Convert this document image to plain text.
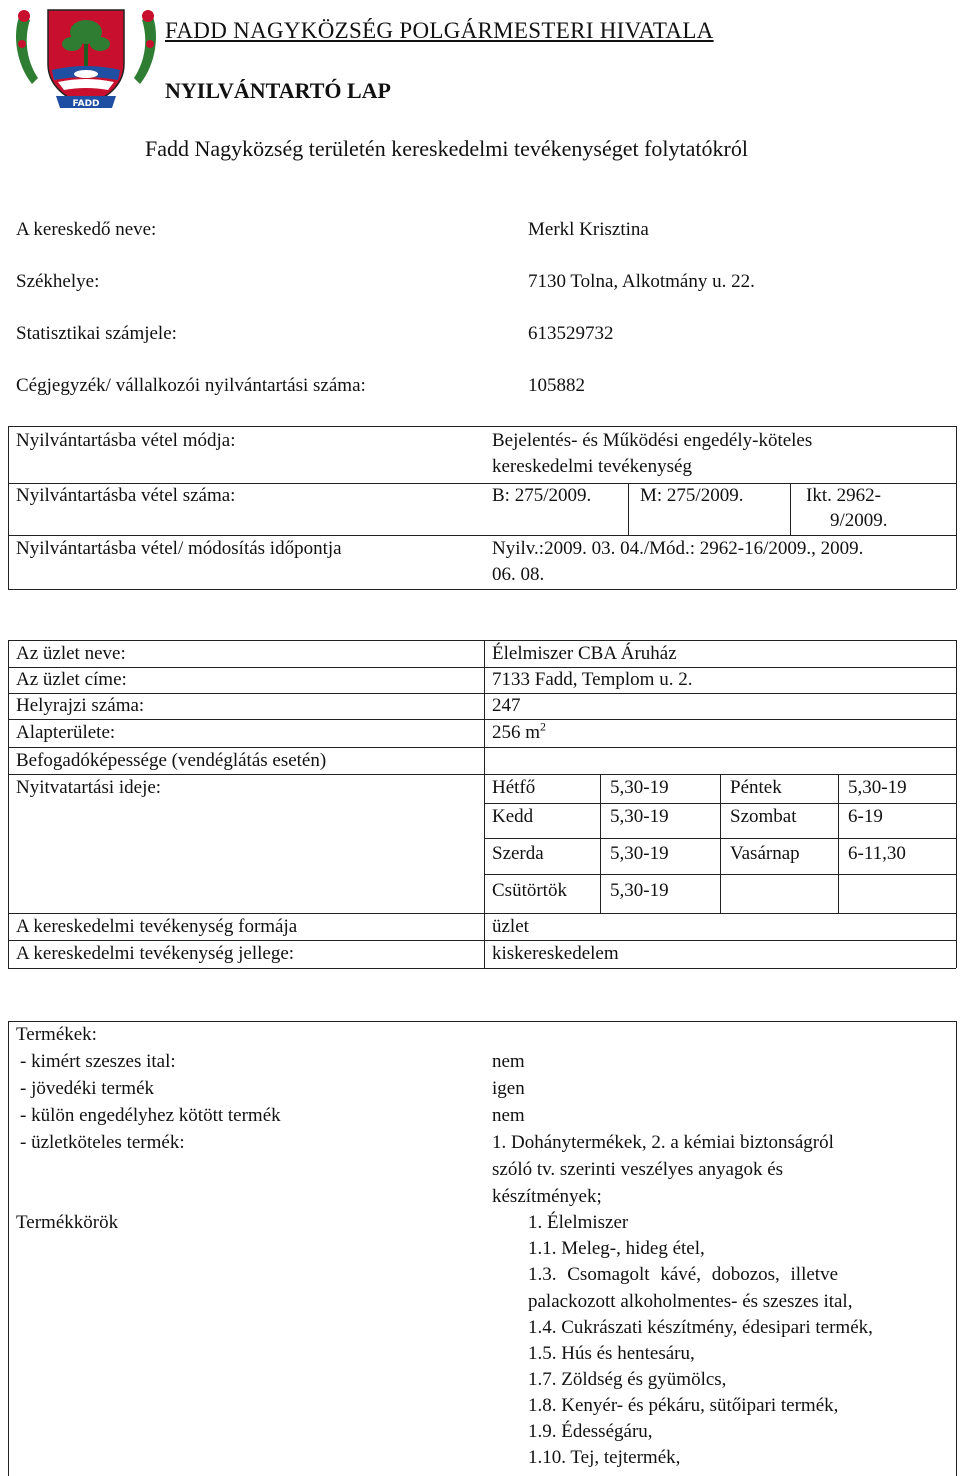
FADD
FADD NAGYKÖZSÉG POLGÁRMESTERI HIVATALA
NYILVÁNTARTÓ LAP
Fadd Nagyközség területén kereskedelmi tevékenységet folytatókról
A kereskedő neve:	Merkl Krisztina
Székhelye:	7130 Tolna, Alkotmány u. 22.
Statisztikai számjele:	613529732
Cégjegyzék/ vállalkozói nyilvántartási száma:	105882
Nyilvántartásba vétel módja:	Bejelentés- és Működési engedély-köteles
kereskedelmi tevékenység
Nyilvántartásba vétel száma:	B: 275/2009.	M: 275/2009.	Ikt. 2962-
9/2009.
Nyilvántartásba vétel/ módosítás időpontja	Nyilv.:2009. 03. 04./Mód.: 2962-16/2009., 2009.
06. 08.
Az üzlet neve:	Élelmiszer CBA Áruház
Az üzlet címe:	7133 Fadd, Templom u. 2.
Helyrajzi száma:	247
Alapterülete:	256 $m^2$
Befogadóképessége (vendéglátás esetén)
Nyitvatartási ideje:	Hétfő	5,30-19	Péntek	5,30-19
Kedd	5,30-19	Szombat	6-19
Szerda	5,30-19	Vasárnap	6-11,30
Csütörtök 5,30-19
A kereskedelmi tevékenység formája	üzlet
A kereskedelmi tevékenység jellege:	kiskereskedelem
Termékek:
- kimért szeszes ital:	nem
- jövedéki termék	igen
- külön engedélyhez kötött termék	nem
- üzletköteles termék:	1. Dohánytermékek, 2. a kémiai biztonságról
szóló tv. szerinti veszélyes anyagok és
készítmények;
Termékkörök	1. Élelmiszer
1.1. Meleg-, hideg étel,
1.3. Csomagolt kávé, dobozos, illetve
palackozott alkoholmentes- és szeszes ital,
1.4. Cukrászati készítmény, édesipari termék,
1.5. Hús és hentesáru,
1.7. Zöldség és gyümölcs,
1.8. Kenyér- és pékáru, sütőipari termék,
1.9. Édességáru,
1.10. Tej, tejtermék,
